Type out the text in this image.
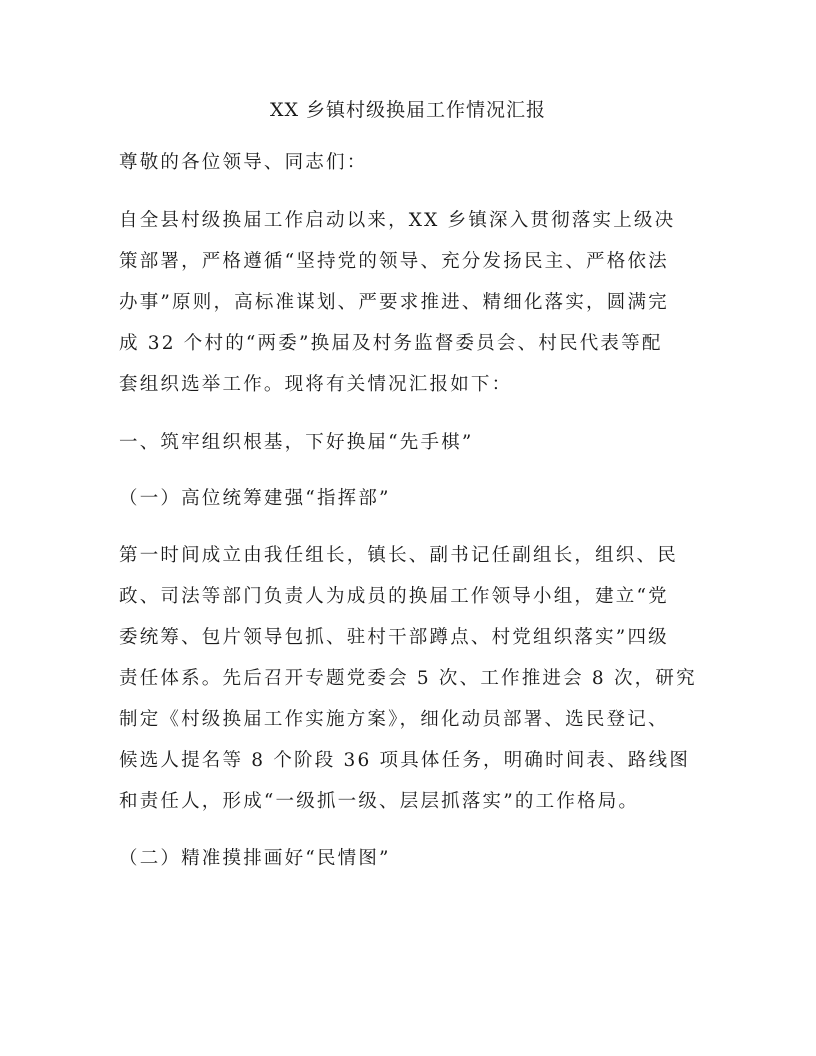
XX 乡镇村级换届工作情况汇报

尊敬的各位领导、同志们：

自全县村级换届工作启动以来，XX 乡镇深入贯彻落实上级决
策部署，严格遵循“坚持党的领导、充分发扬民主、严格依法
办事”原则，高标准谋划、严要求推进、精细化落实，圆满完
成 32 个村的“两委”换届及村务监督委员会、村民代表等配
套组织选举工作。现将有关情况汇报如下：

一、筑牢组织根基，下好换届“先手棋”

（一）高位统筹建强“指挥部”

第一时间成立由我任组长，镇长、副书记任副组长，组织、民
政、司法等部门负责人为成员的换届工作领导小组，建立“党
委统筹、包片领导包抓、驻村干部蹲点、村党组织落实”四级
责任体系。先后召开专题党委会 5 次、工作推进会 8 次，研究
制定《村级换届工作实施方案》，细化动员部署、选民登记、
候选人提名等 8 个阶段 36 项具体任务，明确时间表、路线图
和责任人，形成“一级抓一级、层层抓落实”的工作格局。

（二）精准摸排画好“民情图”
